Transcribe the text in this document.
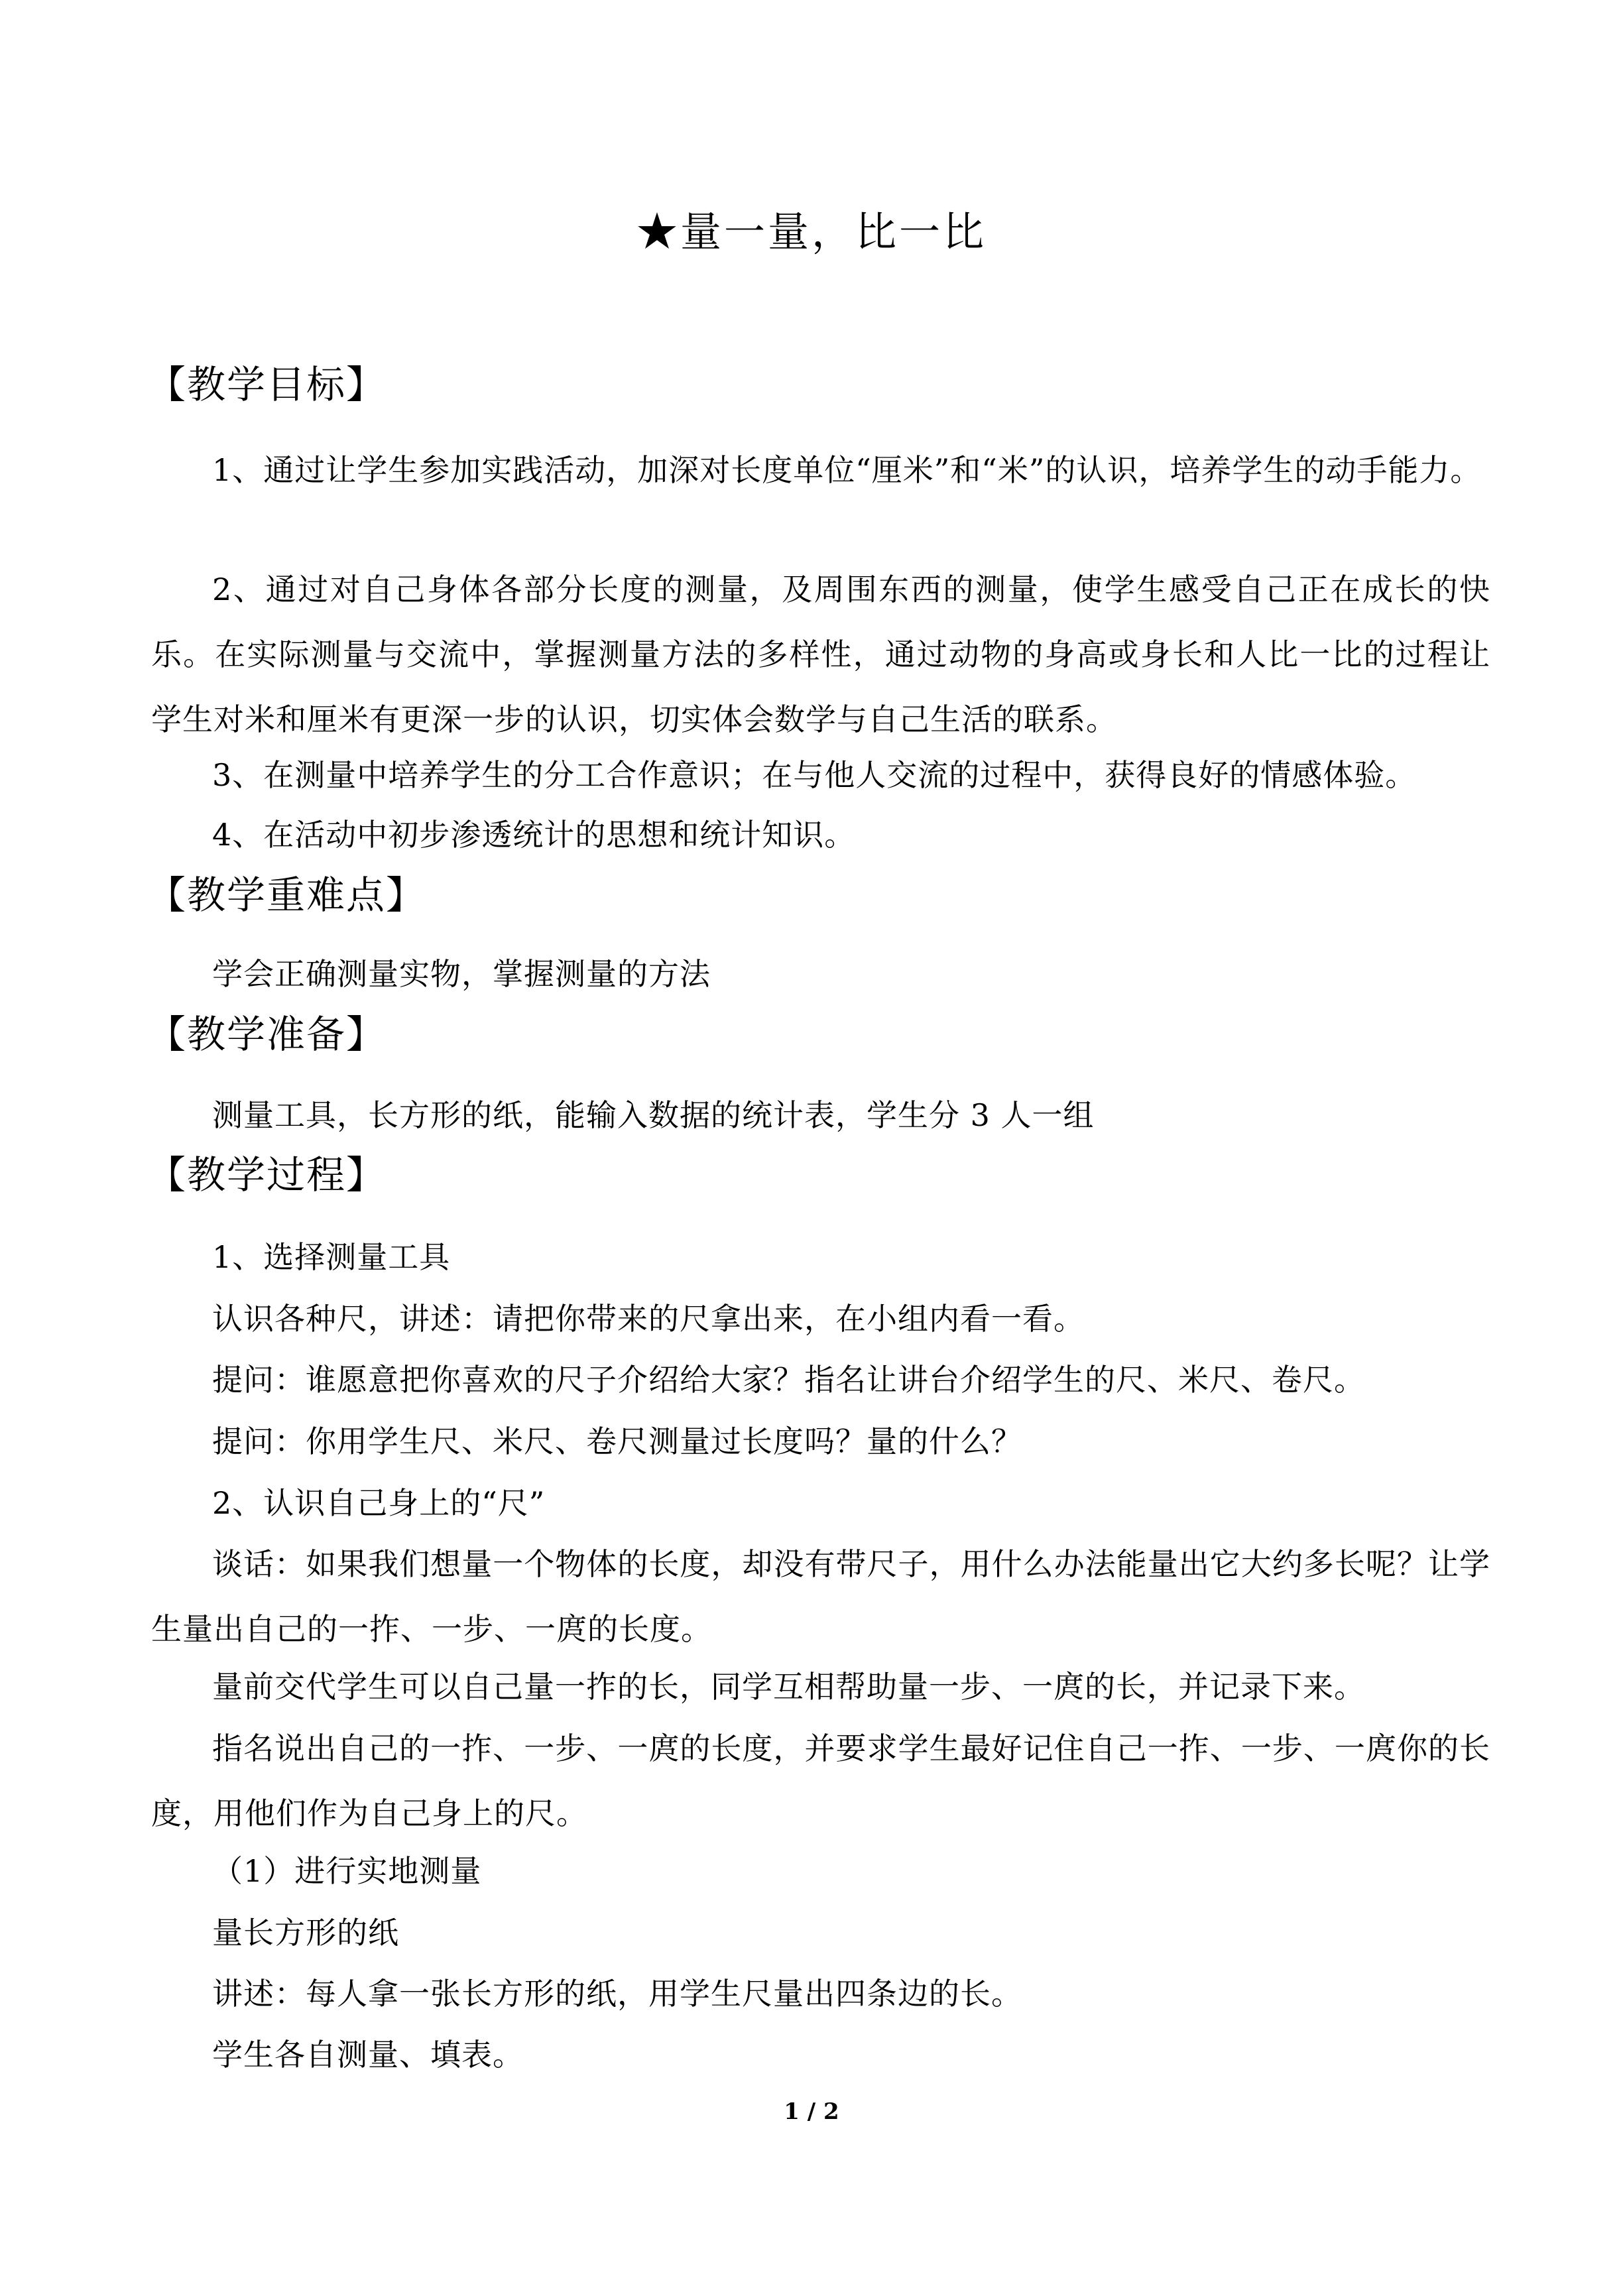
★量一量，比一比
【教学目标】

1、通过让学生参加实践活动，加深对长度单位“厘米”和“米”的认识，培养学生的动手能力。

2、通过对自己身体各部分长度的测量，及周围东西的测量，使学生感受自己正在成长的快乐。在实际测量与交流中，掌握测量方法的多样性，通过动物的身高或身长和人比一比的过程让学生对米和厘米有更深一步的认识，切实体会数学与自己生活的联系。

3、在测量中培养学生的分工合作意识；在与他人交流的过程中，获得良好的情感体验。

4、在活动中初步渗透统计的思想和统计知识。

【教学重难点】
学会正确测量实物，掌握测量的方法
【教学准备】
测量工具，长方形的纸，能输入数据的统计表，学生分 3 人一组
【教学过程】
1、选择测量工具
认识各种尺，讲述：请把你带来的尺拿出来，在小组内看一看。
提问：谁愿意把你喜欢的尺子介绍给大家？指名让讲台介绍学生的尺、米尺、卷尺。
提问：你用学生尺、米尺、卷尺测量过长度吗？量的什么？
2、认识自己身上的“尺”

谈话：如果我们想量一个物体的长度，却没有带尺子，用什么办法能量出它大约多长呢？让学生量出自己的一拃、一步、一庹的长度。

量前交代学生可以自己量一拃的长，同学互相帮助量一步、一庹的长，并记录下来。

指名说出自己的一拃、一步、一庹的长度，并要求学生最好记住自己一拃、一步、一庹你的长度，用他们作为自己身上的尺。

（1）进行实地测量
量长方形的纸
讲述：每人拿一张长方形的纸，用学生尺量出四条边的长。
学生各自测量、填表。
1 / 2
